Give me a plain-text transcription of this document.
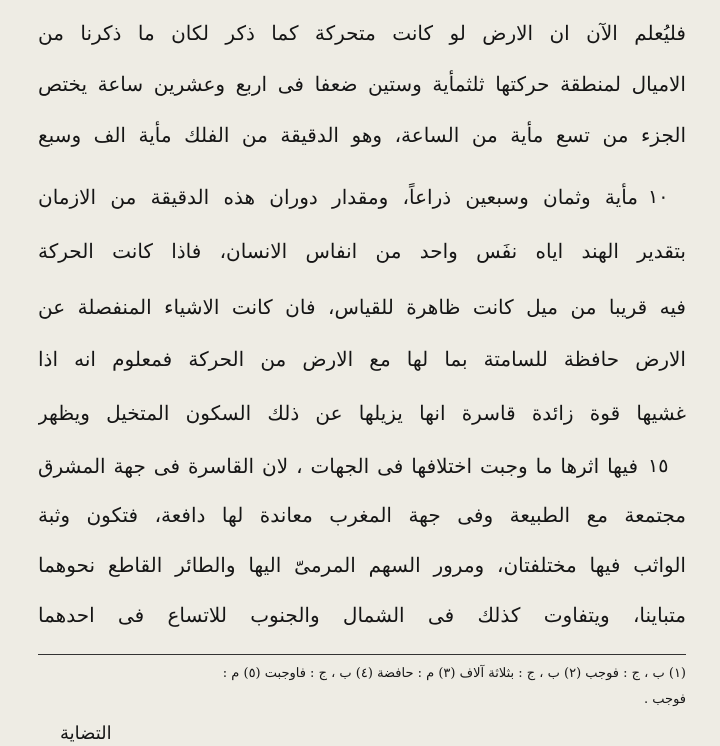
فليُعلم الآن ان الارض لو كانت متحركة كما ذكر لكان ما ذكرنا من
الاميال لمنطقة حركتها ثلثمأية وستين ضعفا فى اربع وعشرين ساعة يختص
الجزء من تسع مأية من الساعة، وهو الدقيقة من الفلك مأية الف وسبع
مأية وثمان وسبعين ذراعاً، ومقدار دوران هذه الدقيقة من الازمان ١٠
بتقدير الهند اياه نفَس واحد من انفاس الانسان، فاذا كانت الحركة
فيه قريبا من ميل كانت ظاهرة للقياس، فان كانت الاشياء المنفصلة عن
الارض حافظة للسامتة بما لها مع الارض من الحركة فمعلوم انه اذا
غشيها قوة زائدة قاسرة انها يزيلها عن ذلك السكون المتخيل ويظهر
فيها اثرها ما وجبت اختلافها فى الجهات ، لان القاسرة فى جهة المشرق ١٥
مجتمعة مع الطبيعة وفى جهة المغرب معاندة لها دافعة، فتكون وثبة
الواثب فيها مختلفتان، ومرور السهم المرمىّ اليها والطائر القاطع نحوهما
متباينا، ويتفاوت كذلك فى الشمال والجنوب للاتساع فى احدهما
(١) ب ، ج : فوجب (٢) ب ، ج : بثلاثة آلاف (٣) م : حافضة (٤) ب ، ج : فاوجبت (٥) م :
فوجب .
التضاية
